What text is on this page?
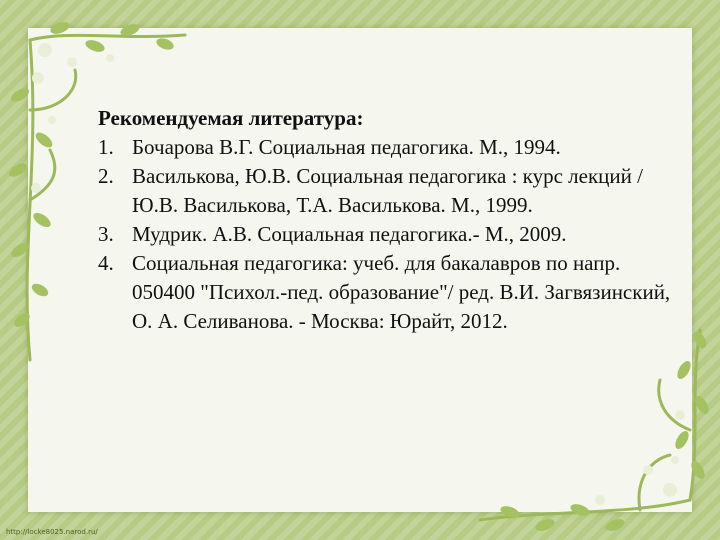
Рекомендуемая литература:

1. Бочарова В.Г. Социальная педагогика. М., 1994.
2. Василькова, Ю.В. Социальная педагогика : курс лекций / Ю.В. Василькова, Т.А. Василькова. М., 1999.
3. Мудрик. А.В. Социальная педагогика.- М., 2009.
4. Социальная педагогика: учеб. для бакалавров по напр. 050400 "Психол.-пед. образование"/ ред. В.И. Загвязинский, О. А. Селиванова. - Москва: Юрайт, 2012.
http://locke8025.narod.ru/
